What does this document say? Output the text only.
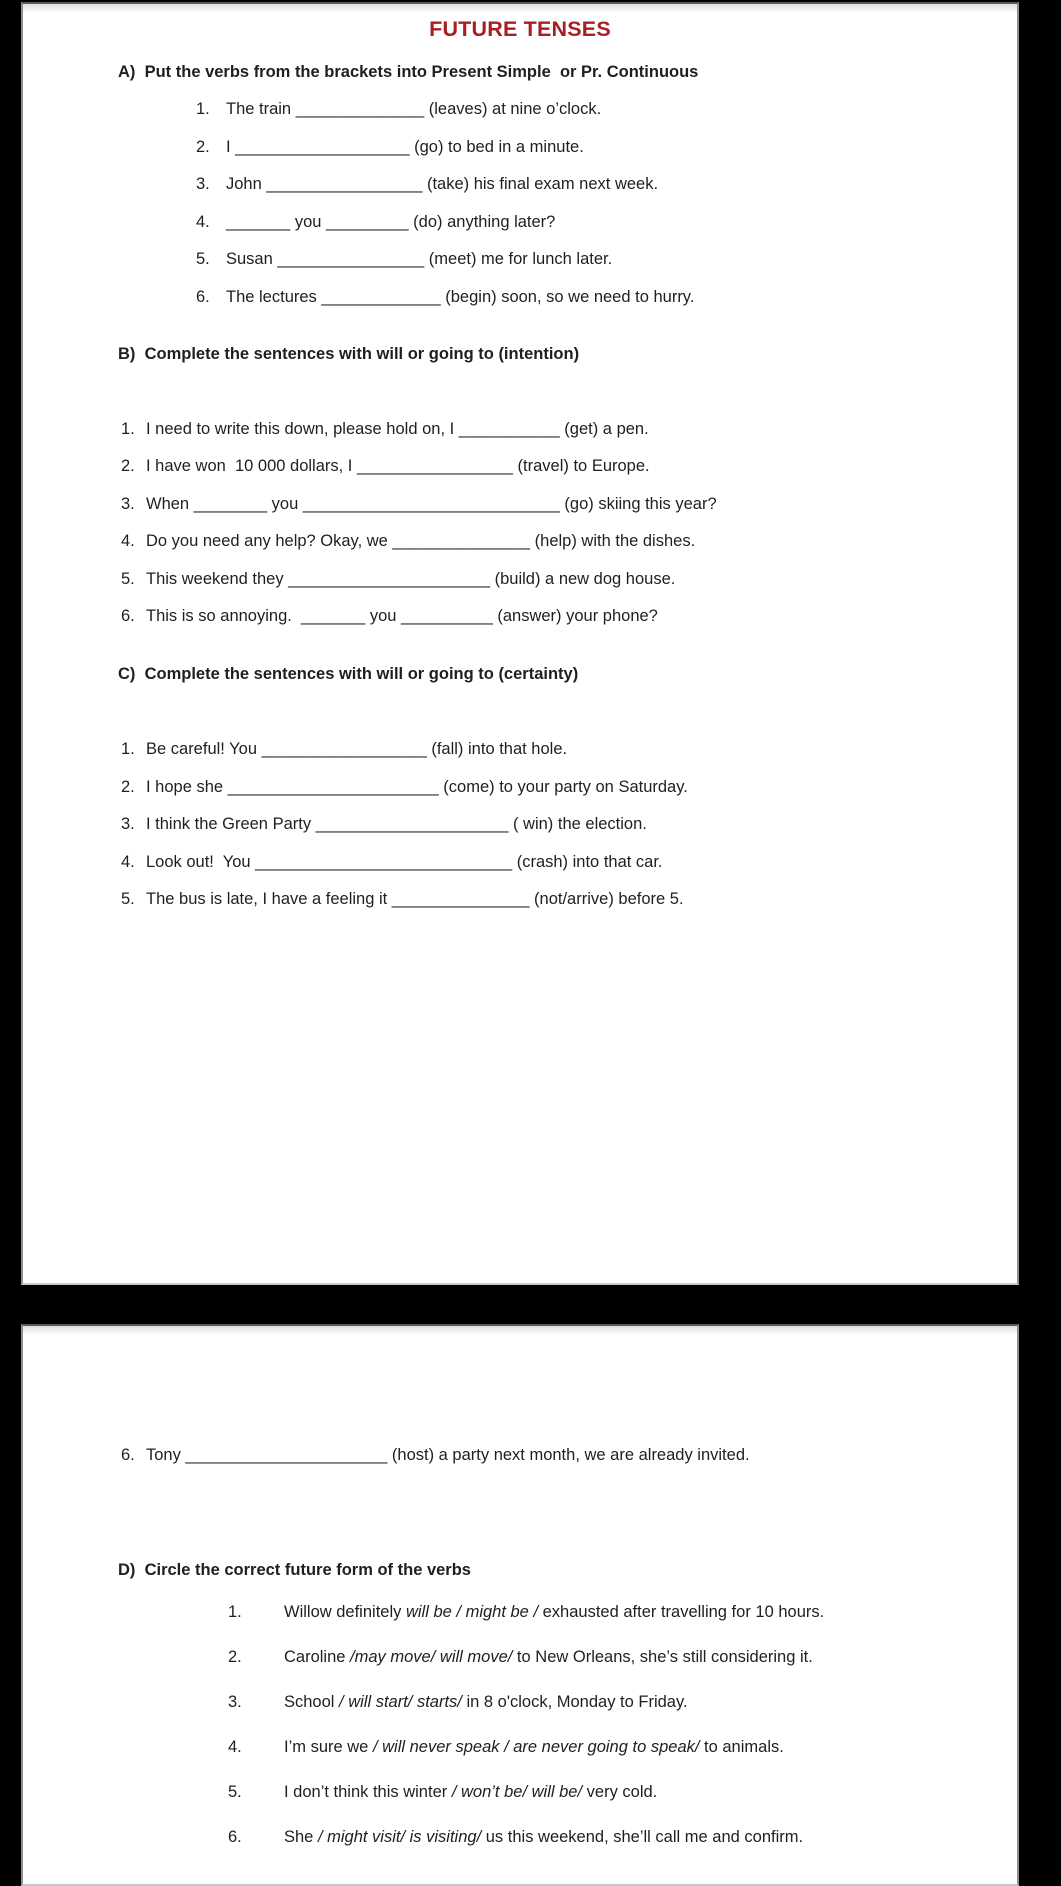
FUTURE TENSES
A)  Put the verbs from the brackets into Present Simple  or Pr. Continuous
1. The train ______________ (leaves) at nine o’clock.
2. I ___________________ (go) to bed in a minute.
3. John _________________ (take) his final exam next week.
4. _______ you _________ (do) anything later?
5. Susan ________________ (meet) me for lunch later.
6. The lectures _____________ (begin) soon, so we need to hurry.
B)  Complete the sentences with will or going to (intention)
1. I need to write this down, please hold on, I ___________ (get) a pen.
2. I have won  10 000 dollars, I _________________ (travel) to Europe.
3. When ________ you ____________________________ (go) skiing this year?
4. Do you need any help? Okay, we _______________ (help) with the dishes.
5. This weekend they ______________________ (build) a new dog house.
6. This is so annoying.  _______ you __________ (answer) your phone?
C)  Complete the sentences with will or going to (certainty)
1. Be careful! You __________________ (fall) into that hole.
2. I hope she _______________________ (come) to your party on Saturday.
3. I think the Green Party _____________________ ( win) the election.
4. Look out!  You ____________________________ (crash) into that car.
5. The bus is late, I have a feeling it _______________ (not/arrive) before 5.
6. Tony ______________________ (host) a party next month, we are already invited.
D)  Circle the correct future form of the verbs
1.	Willow definitely will be / might be / exhausted after travelling for 10 hours.
2.	Caroline /may move/ will move/ to New Orleans, she’s still considering it.
3.	School / will start/ starts/ in 8 o'clock, Monday to Friday.
4.	I’m sure we / will never speak / are never going to speak/ to animals.
5.	I don’t think this winter / won’t be/ will be/ very cold.
6.	She / might visit/ is visiting/ us this weekend, she’ll call me and confirm.
